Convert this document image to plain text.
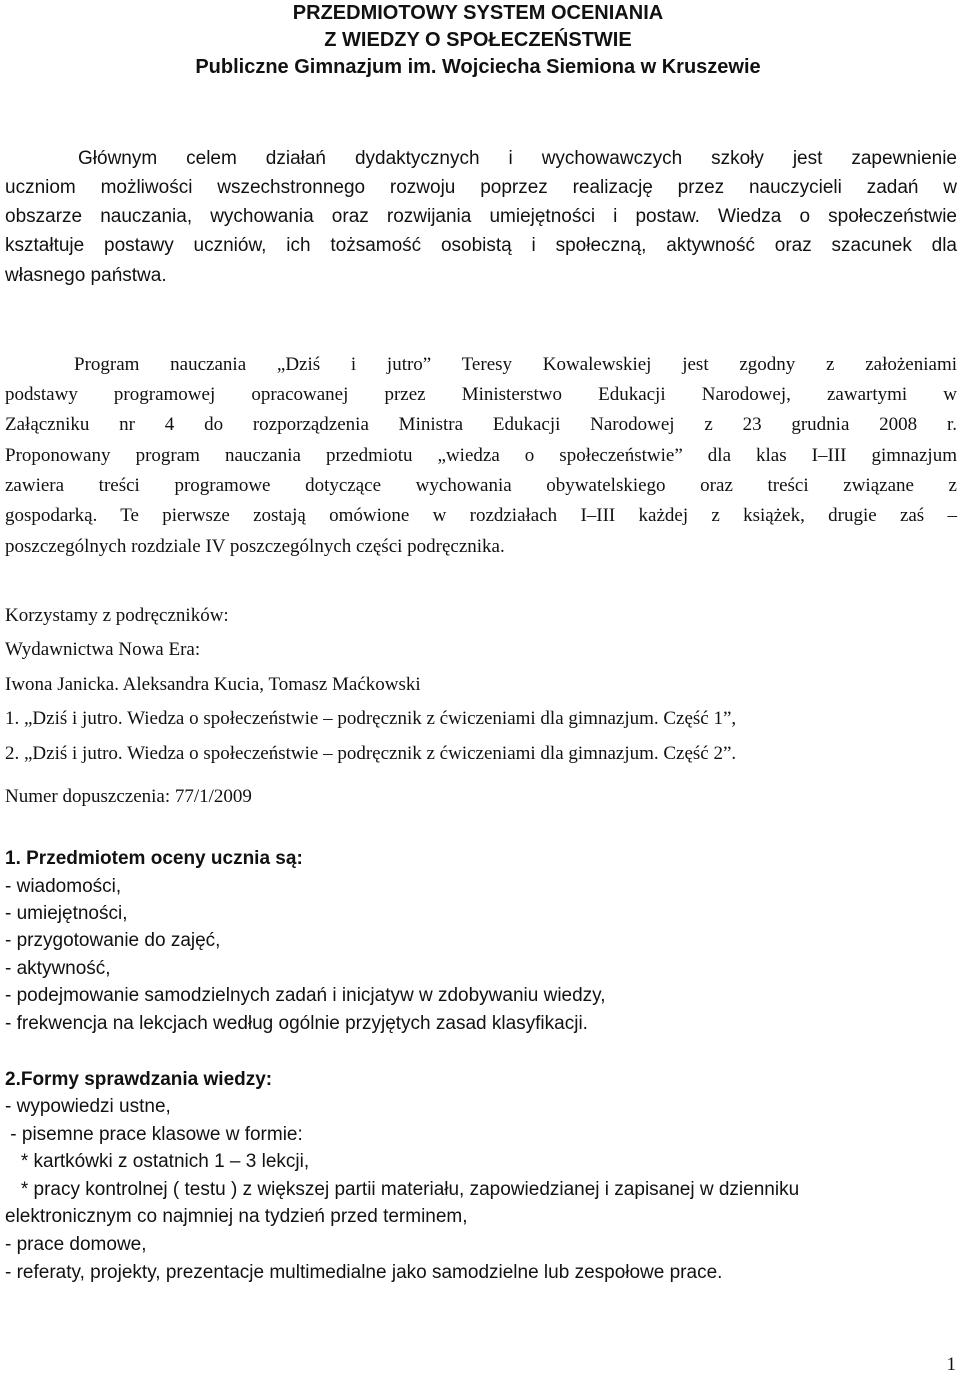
PRZEDMIOTOWY SYSTEM OCENIANIA
Z WIEDZY O SPOŁECZEŃSTWIE
Publiczne Gimnazjum im. Wojciecha Siemiona w Kruszewie
Głównym celem działań dydaktycznych i wychowawczych szkoły jest zapewnienie
uczniom możliwości wszechstronnego rozwoju poprzez realizację przez nauczycieli zadań w
obszarze nauczania, wychowania oraz rozwijania umiejętności i postaw. Wiedza o społeczeństwie
kształtuje postawy uczniów, ich tożsamość osobistą i społeczną, aktywność oraz szacunek dla
własnego państwa.
Program nauczania „Dziś i jutro” Teresy Kowalewskiej jest zgodny z założeniami
podstawy programowej opracowanej przez Ministerstwo Edukacji Narodowej, zawartymi w
Załączniku nr 4 do rozporządzenia Ministra Edukacji Narodowej z 23 grudnia 2008 r.
Proponowany program nauczania przedmiotu „wiedza o społeczeństwie” dla klas I–III gimnazjum
zawiera treści programowe dotyczące wychowania obywatelskiego oraz treści związane z
gospodarką. Te pierwsze zostają omówione w rozdziałach I–III każdej z książek, drugie zaś –
poszczególnych rozdziale IV poszczególnych części podręcznika.
Korzystamy z podręczników:
Wydawnictwa Nowa Era:
Iwona Janicka. Aleksandra Kucia, Tomasz Maćkowski
1. „Dziś i jutro. Wiedza o społeczeństwie – podręcznik z ćwiczeniami dla gimnazjum. Część 1”,
2. „Dziś i jutro. Wiedza o społeczeństwie – podręcznik z ćwiczeniami dla gimnazjum. Część 2”.
Numer dopuszczenia: 77/1/2009
1. Przedmiotem oceny ucznia są:
- wiadomości,
- umiejętności,
- przygotowanie do zajęć,
- aktywność,
- podejmowanie samodzielnych zadań i inicjatyw w zdobywaniu wiedzy,
- frekwencja na lekcjach według ogólnie przyjętych zasad klasyfikacji.
2.Formy sprawdzania wiedzy:
- wypowiedzi ustne,
- pisemne prace klasowe w formie:
* kartkówki z ostatnich 1 – 3 lekcji,
* pracy kontrolnej ( testu ) z większej partii materiału, zapowiedzianej i zapisanej w dzienniku
elektronicznym co najmniej na tydzień przed terminem,
- prace domowe,
- referaty, projekty, prezentacje multimedialne jako samodzielne lub zespołowe prace.
1
